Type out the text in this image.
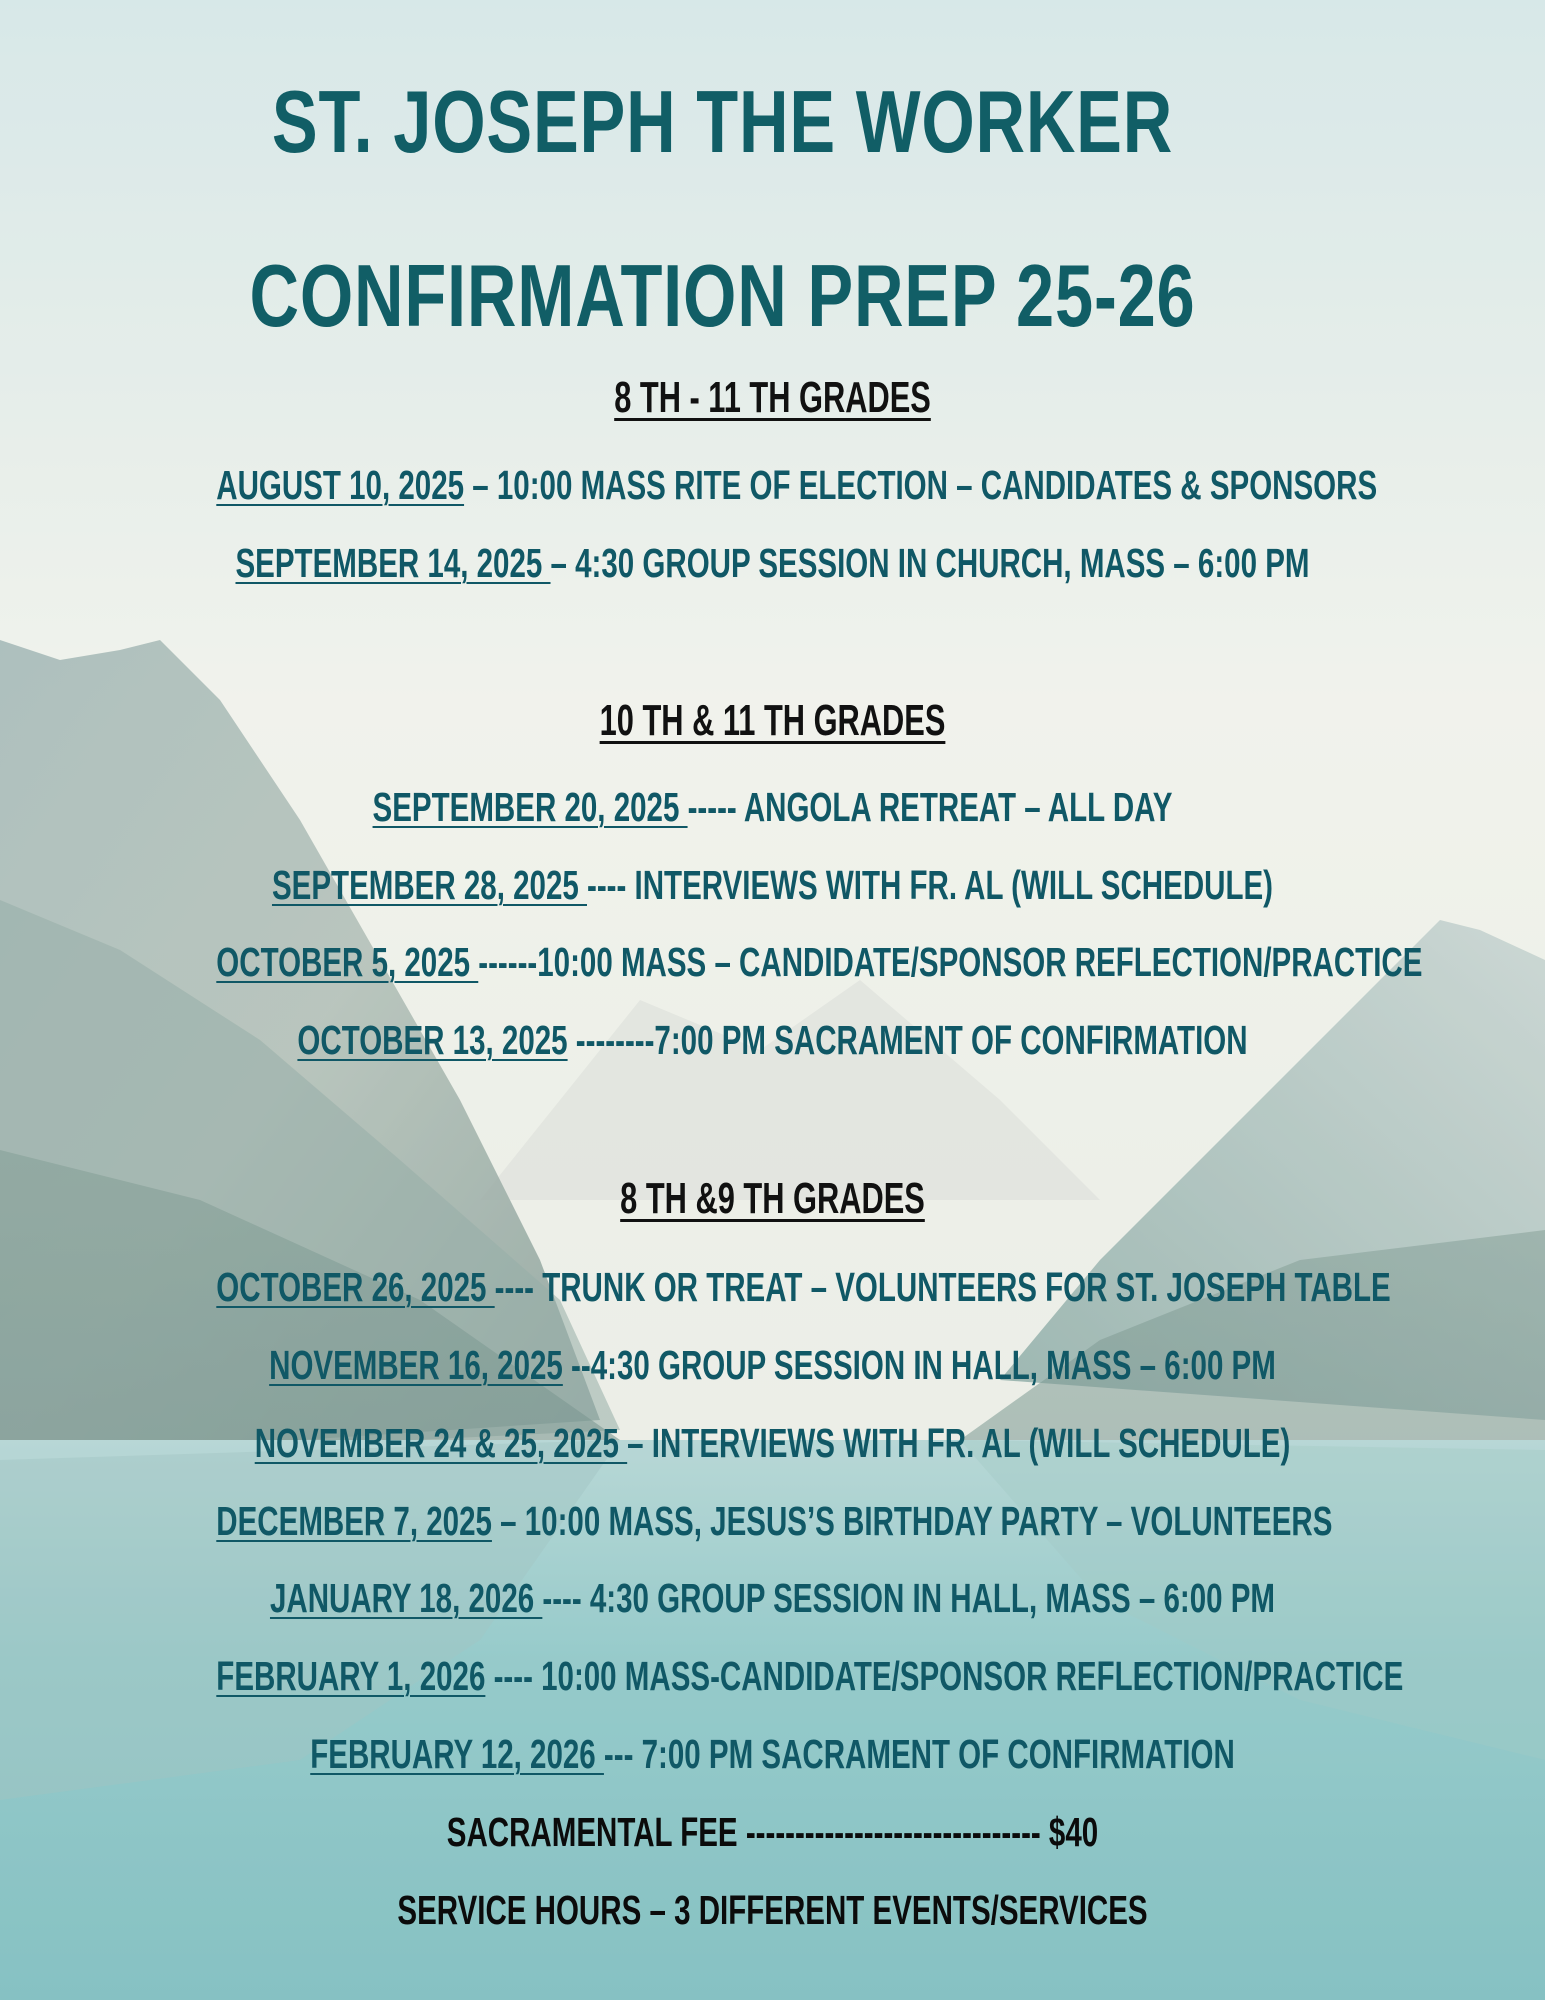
ST. JOSEPH THE WORKER
CONFIRMATION PREP 25-26
8 TH - 11 TH GRADES
AUGUST 10, 2025 – 10:00 MASS RITE OF ELECTION – CANDIDATES & SPONSORS
SEPTEMBER 14, 2025 – 4:30 GROUP SESSION IN CHURCH, MASS – 6:00 PM
10 TH & 11 TH GRADES
SEPTEMBER 20, 2025 ----- ANGOLA RETREAT – ALL DAY
SEPTEMBER 28, 2025 ---- INTERVIEWS WITH FR. AL (WILL SCHEDULE)
OCTOBER 5, 2025 ------10:00 MASS – CANDIDATE/SPONSOR REFLECTION/PRACTICE
OCTOBER 13, 2025 --------7:00 PM SACRAMENT OF CONFIRMATION
8 TH &9 TH GRADES
OCTOBER 26, 2025 ---- TRUNK OR TREAT – VOLUNTEERS FOR ST. JOSEPH TABLE
NOVEMBER 16, 2025 --4:30 GROUP SESSION IN HALL, MASS – 6:00 PM
NOVEMBER 24 & 25, 2025 – INTERVIEWS WITH FR. AL (WILL SCHEDULE)
DECEMBER 7, 2025 – 10:00 MASS, JESUS’S BIRTHDAY PARTY – VOLUNTEERS
JANUARY 18, 2026 ---- 4:30 GROUP SESSION IN HALL, MASS – 6:00 PM
FEBRUARY 1, 2026 ---- 10:00 MASS-CANDIDATE/SPONSOR REFLECTION/PRACTICE
FEBRUARY 12, 2026 --- 7:00 PM SACRAMENT OF CONFIRMATION
SACRAMENTAL FEE ------------------------------ $40
SERVICE HOURS – 3 DIFFERENT EVENTS/SERVICES
